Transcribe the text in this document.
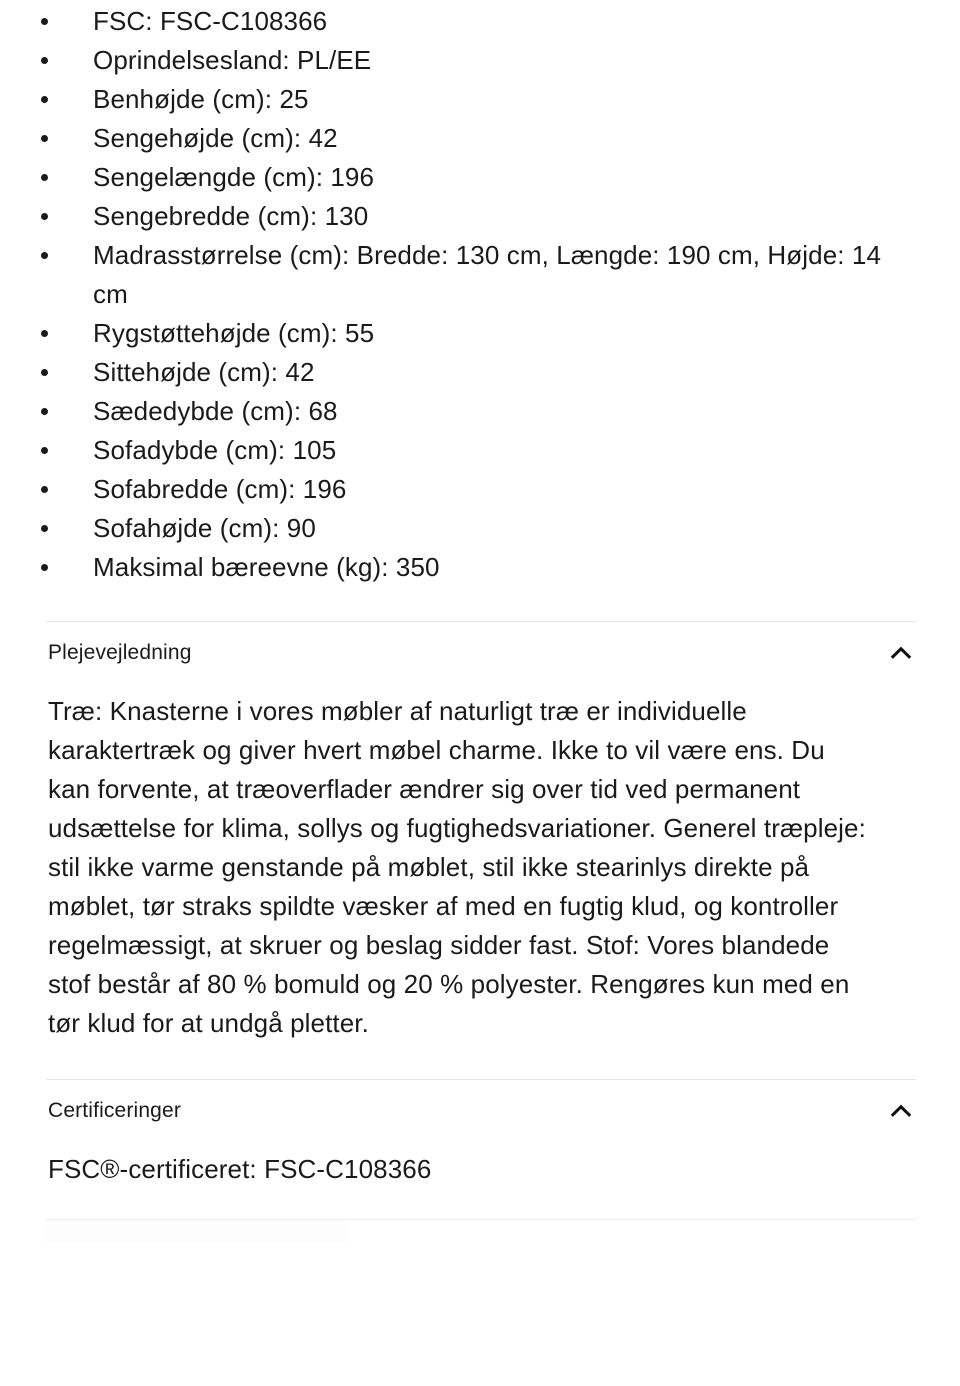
FSC: FSC-C108366
Oprindelsesland: PL/EE
Benhøjde (cm): 25
Sengehøjde (cm): 42
Sengelængde (cm): 196
Sengebredde (cm): 130
Madrasstørrelse (cm): Bredde: 130 cm, Længde: 190 cm, Højde: 14 cm
Rygstøttehøjde (cm): 55
Sittehøjde (cm): 42
Sædedybde (cm): 68
Sofadybde (cm): 105
Sofabredde (cm): 196
Sofahøjde (cm): 90
Maksimal bæreevne (kg): 350
Plejevejledning

Træ: Knasterne i vores møbler af naturligt træ er individuelle karaktertræk og giver hvert møbel charme. Ikke to vil være ens. Du kan forvente, at træoverflader ændrer sig over tid ved permanent udsættelse for klima, sollys og fugtighedsvariationer. Generel træpleje: stil ikke varme genstande på møblet, stil ikke stearinlys direkte på møblet, tør straks spildte væsker af med en fugtig klud, og kontroller regelmæssigt, at skruer og beslag sidder fast. Stof: Vores blandede stof består af 80 % bomuld og 20 % polyester. Rengøres kun med en tør klud for at undgå pletter.

Certificeringer

FSC®-certificeret: FSC-C108366
